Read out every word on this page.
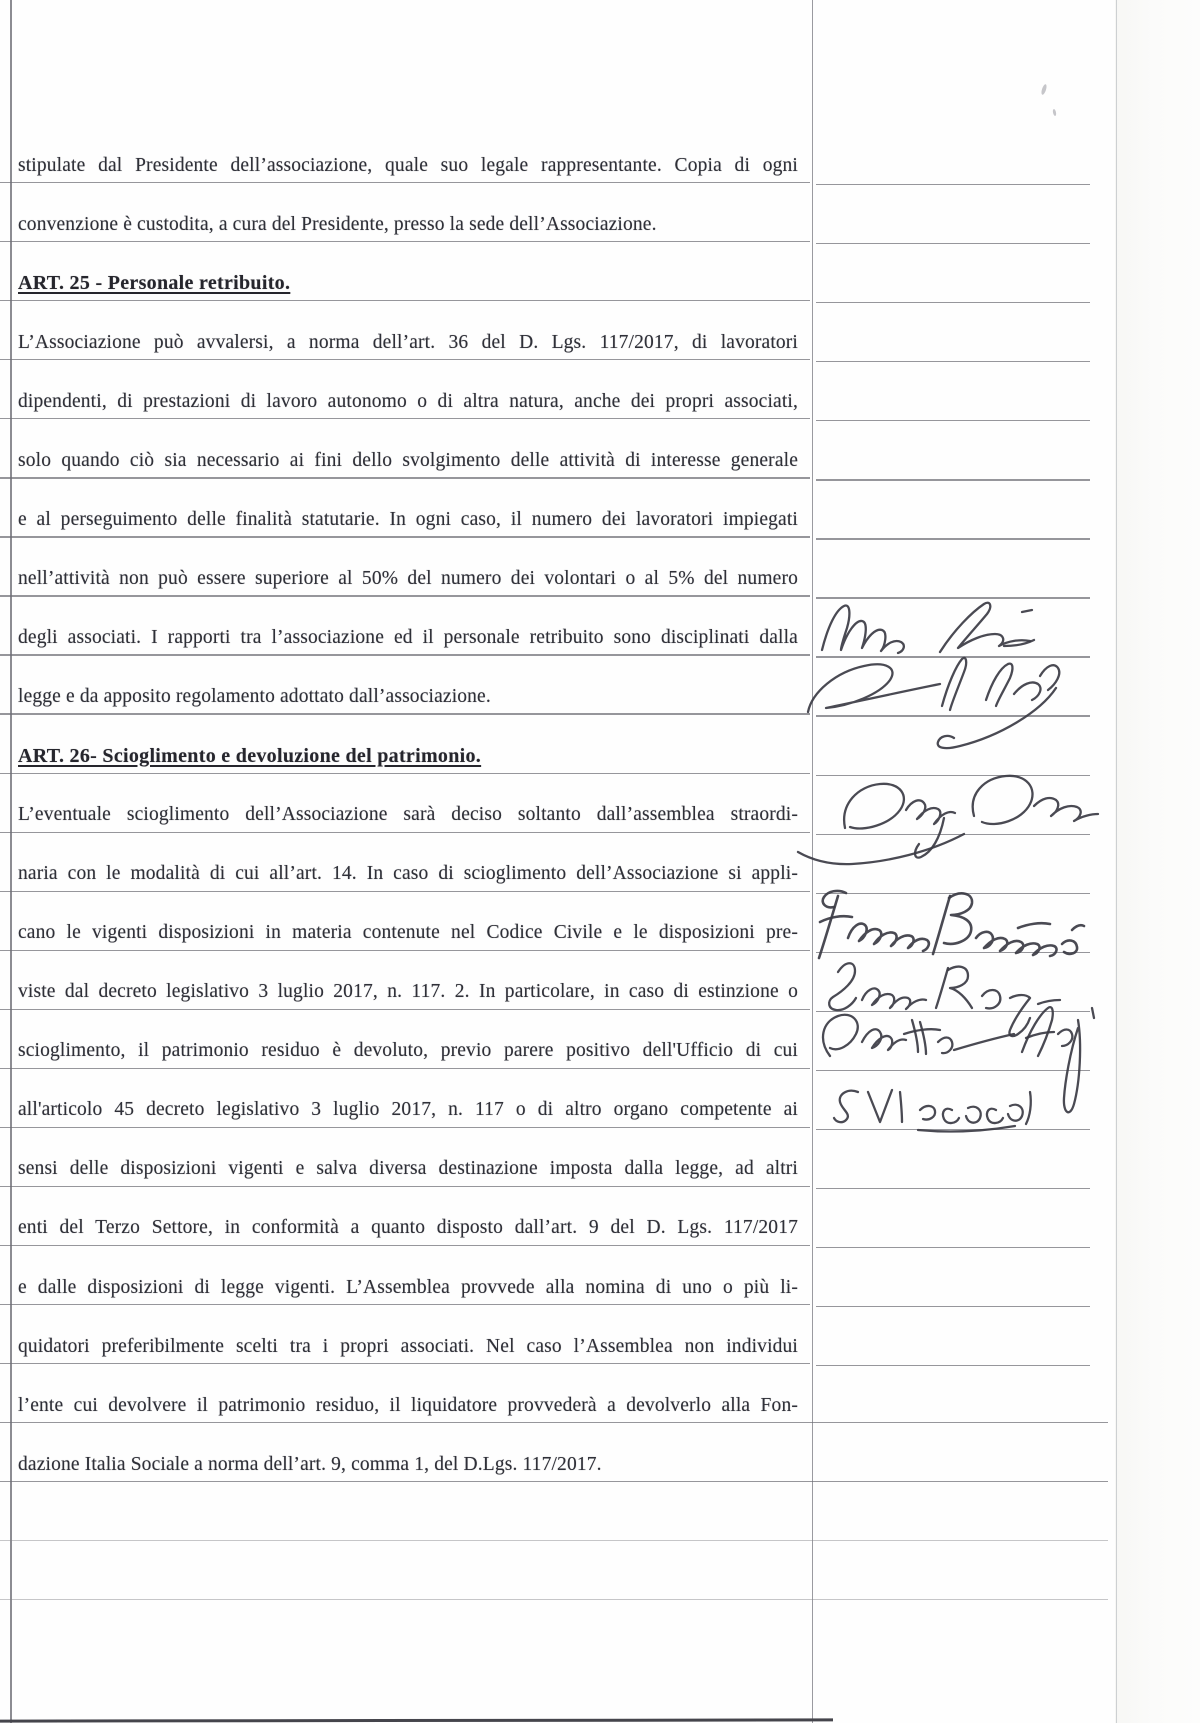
stipulate dal Presidente dell’associazione, quale suo legale rappresentante. Copia di ogni
convenzione è custodita, a cura del Presidente, presso la sede dell’Associazione.
ART. 25 - Personale retribuito.
L’Associazione può avvalersi, a norma dell’art. 36 del D. Lgs. 117/2017, di lavoratori
dipendenti, di prestazioni di lavoro autonomo o di altra natura, anche dei propri associati,
solo quando ciò sia necessario ai fini dello svolgimento delle attività di interesse generale
e al perseguimento delle finalità statutarie. In ogni caso, il numero dei lavoratori impiegati
nell’attività non può essere superiore al 50% del numero dei volontari o al 5% del numero
degli associati. I rapporti tra l’associazione ed il personale retribuito sono disciplinati dalla
legge e da apposito regolamento adottato dall’associazione.
ART. 26- Scioglimento e devoluzione del patrimonio.
L’eventuale scioglimento dell’Associazione sarà deciso soltanto dall’assemblea straordi-
naria con le modalità di cui all’art. 14. In caso di scioglimento dell’Associazione si appli-
cano le vigenti disposizioni in materia contenute nel Codice Civile e le disposizioni pre-
viste dal decreto legislativo 3 luglio 2017, n. 117. 2. In particolare, in caso di estinzione o
scioglimento, il patrimonio residuo è devoluto, previo parere positivo dell'Ufficio di cui
all'articolo 45 decreto legislativo 3 luglio 2017, n. 117 o di altro organo competente ai
sensi delle disposizioni vigenti e salva diversa destinazione imposta dalla legge, ad altri
enti del Terzo Settore, in conformità a quanto disposto dall’art. 9 del D. Lgs. 117/2017
e dalle disposizioni di legge vigenti. L’Assemblea provvede alla nomina di uno o più li-
quidatori preferibilmente scelti tra i propri associati. Nel caso l’Assemblea non individui
l’ente cui devolvere il patrimonio residuo, il liquidatore provvederà a devolverlo alla Fon-
dazione Italia Sociale a norma dell’art. 9, comma 1, del D.Lgs. 117/2017.
